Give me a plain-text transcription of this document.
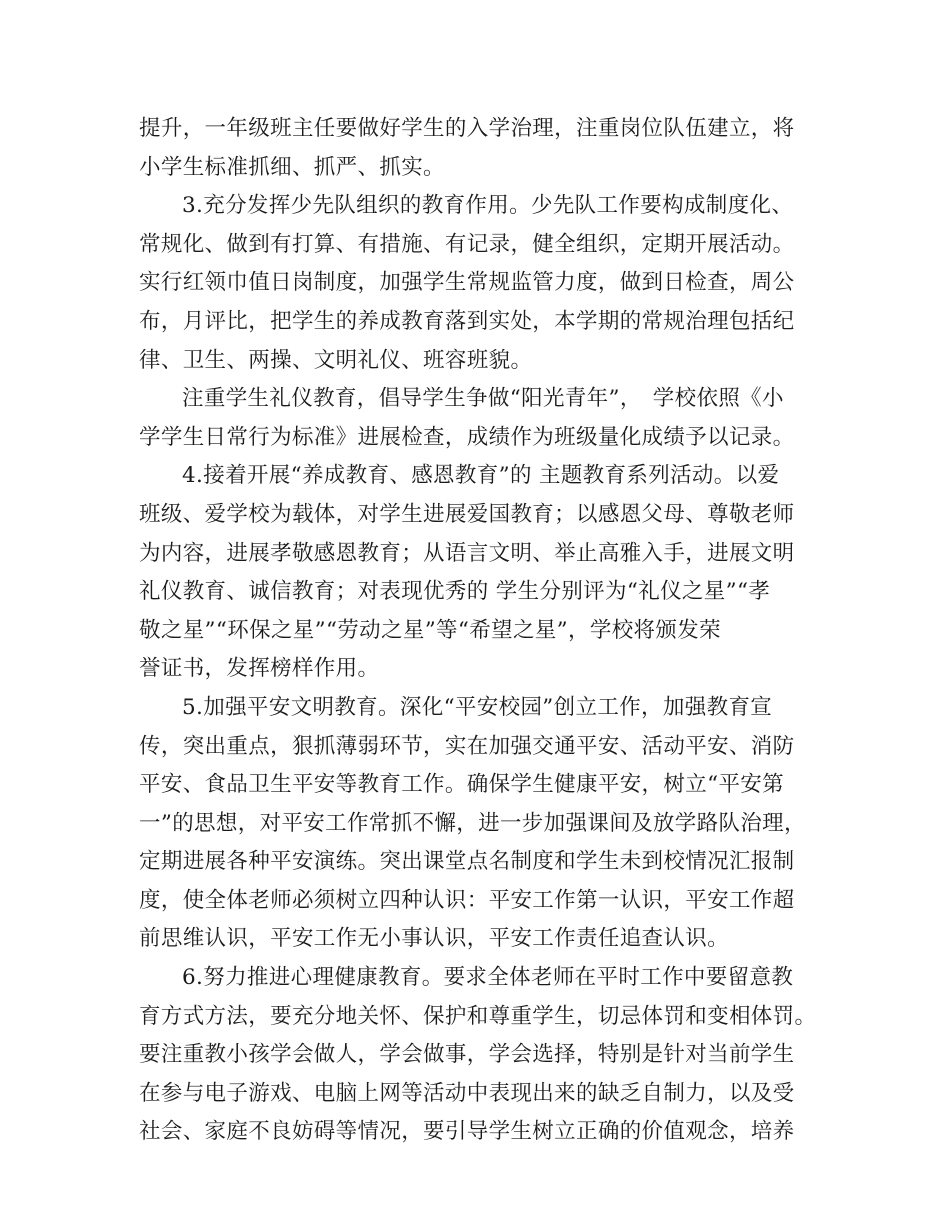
提升，一年级班主任要做好学生的入学治理，注重岗位队伍建立，将
小学生标准抓细、抓严、抓实。
3.充分发挥少先队组织的教育作用。少先队工作要构成制度化、
常规化、做到有打算、有措施、有记录，健全组织，定期开展活动。
实行红领巾值日岗制度，加强学生常规监管力度，做到日检查，周公
布，月评比，把学生的养成教育落到实处，本学期的常规治理包括纪
律、卫生、两操、文明礼仪、班容班貌。
注重学生礼仪教育，倡导学生争做“阳光青年”，　学校依照《小
学学生日常行为标准》进展检查，成绩作为班级量化成绩予以记录。
4.接着开展“养成教育、感恩教育”的 主题教育系列活动。以爱
班级、爱学校为载体，对学生进展爱国教育；以感恩父母、尊敬老师
为内容，进展孝敬感恩教育；从语言文明、举止高雅入手，进展文明
礼仪教育、诚信教育；对表现优秀的 学生分别评为“礼仪之星”“孝
敬之星”“环保之星”“劳动之星”等“希望之星”，学校将颁发荣
誉证书，发挥榜样作用。
5.加强平安文明教育。深化“平安校园”创立工作，加强教育宣
传，突出重点，狠抓薄弱环节，实在加强交通平安、活动平安、消防
平安、食品卫生平安等教育工作。确保学生健康平安，树立“平安第
一”的思想，对平安工作常抓不懈，进一步加强课间及放学路队治理，
定期进展各种平安演练。突出课堂点名制度和学生未到校情况汇报制
度，使全体老师必须树立四种认识：平安工作第一认识，平安工作超
前思维认识，平安工作无小事认识，平安工作责任追查认识。
6.努力推进心理健康教育。要求全体老师在平时工作中要留意教
育方式方法，要充分地关怀、保护和尊重学生，切忌体罚和变相体罚。
要注重教小孩学会做人，学会做事，学会选择，特别是针对当前学生
在参与电子游戏、电脑上网等活动中表现出来的缺乏自制力，以及受
社会、家庭不良妨碍等情况，要引导学生树立正确的价值观念，培养
